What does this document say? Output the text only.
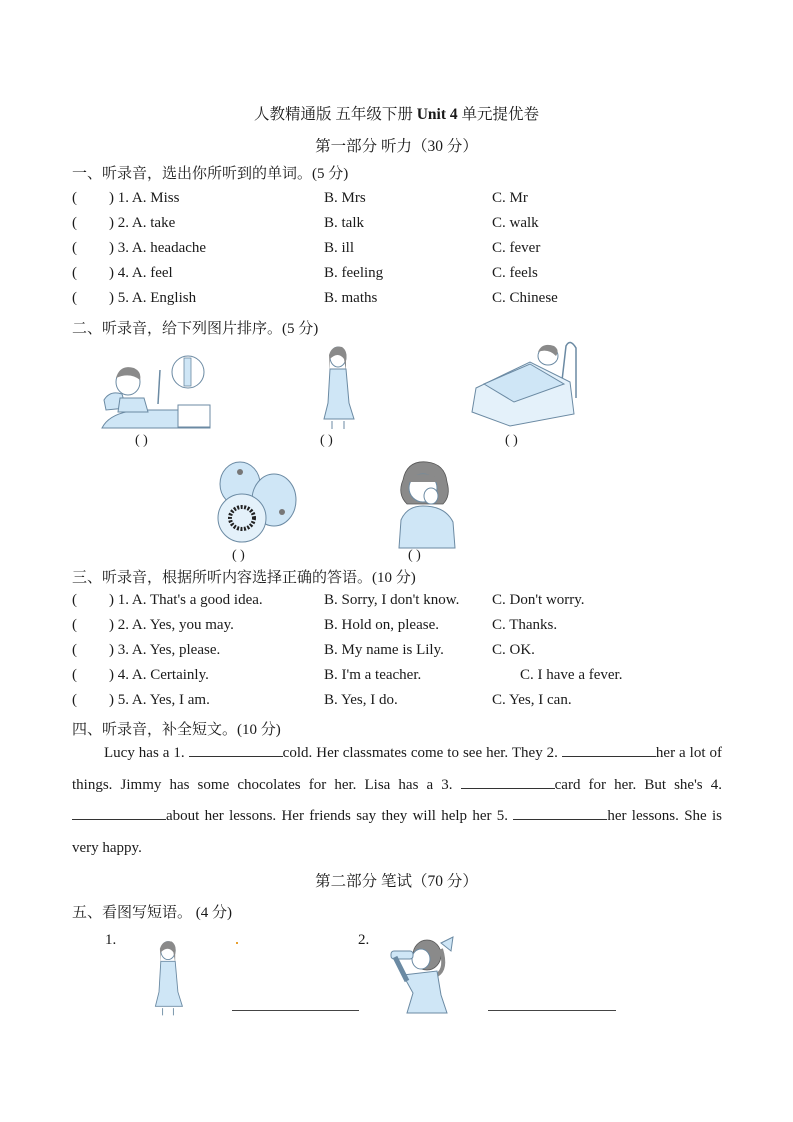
人教精通版 五年级下册 Unit 4 单元提优卷
第一部分 听力（30 分）
一、听录音，选出你所听到的单词。(5 分)
( ) 1. A. Miss	B. Mrs	C. Mr
( ) 2. A. take	B. talk	C. walk
( ) 3. A. headache	B. ill	C. fever
( ) 4. A. feel	B. feeling	C. feels
( ) 5. A. English	B. maths	C. Chinese
二、听录音，给下列图片排序。(5 分)
( )	( )	( )
( )	( )
三、听录音，根据所听内容选择正确的答语。(10 分)
( ) 1. A. That's a good idea.	B. Sorry, I don't know. C. Don't worry.
( ) 2. A. Yes, you may.	B. Hold on, please.	C. Thanks.
( ) 3. A. Yes, please.	B. My name is Lily.	C. OK.
( ) 4. A. Certainly.	B. I'm a teacher.	C. I have a fever.
( ) 5. A. Yes, I am.	B. Yes, I do.	C. Yes, I can.
四、听录音，补全短文。(10 分)
Lucy has a 1.	cold. Her classmates come to see her. They 2.	her a lot of things. Jimmy has some chocolates for her. Lisa has a 3.	card for her. But she's 4. about her lessons. Her friends say they will help her 5.	her lessons. She is very happy.
第二部分 笔试（70 分）
五、看图写短语。 (4 分)
1.	2.
